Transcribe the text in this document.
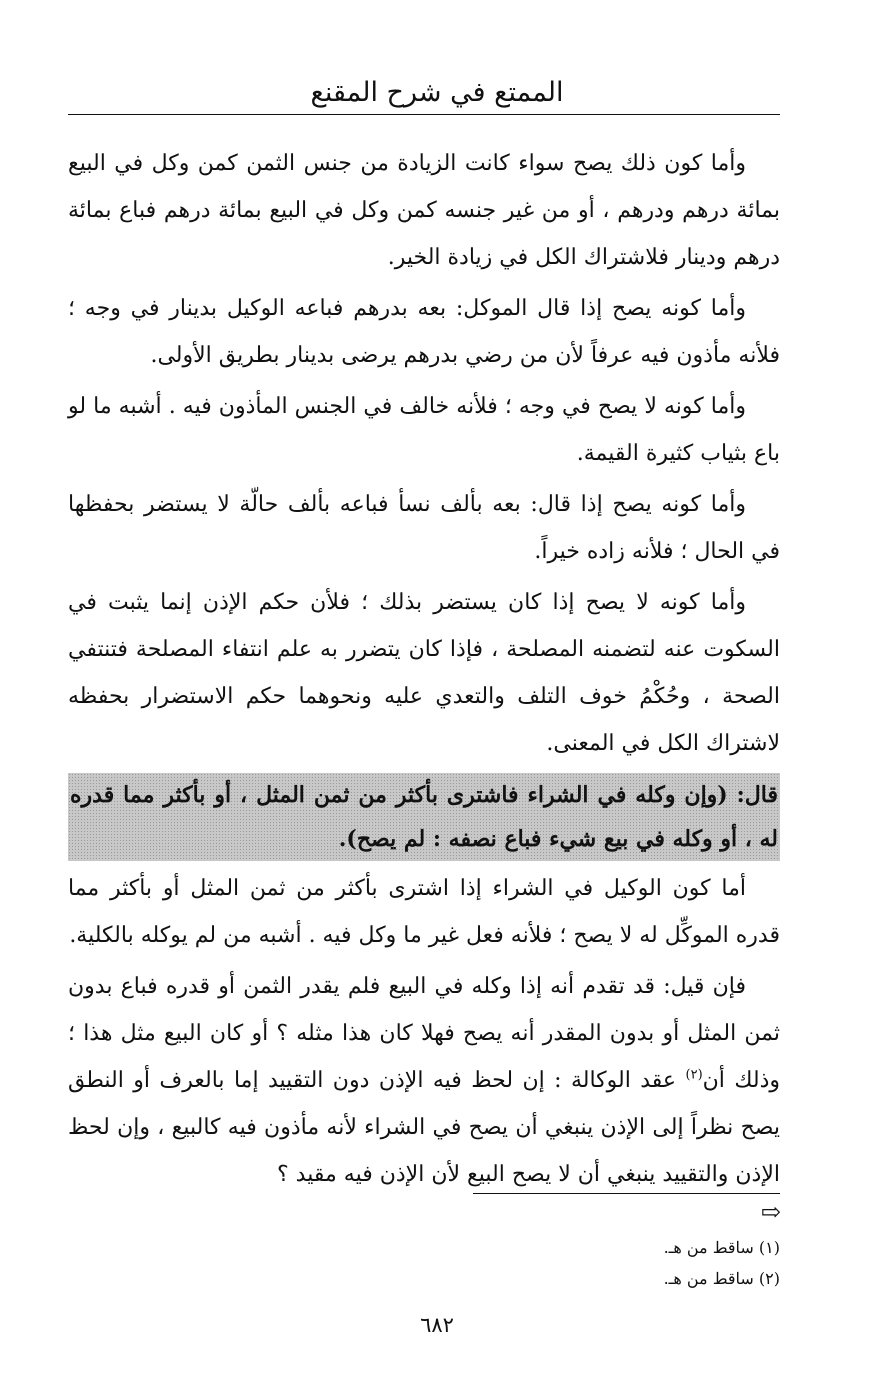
الممتع في شرح المقنع

وأما كون ذلك يصح سواء كانت الزيادة من جنس الثمن كمن وكل في البيع بمائة درهم ودرهم ، أو من غير جنسه كمن وكل في البيع بمائة درهم فباع بمائة درهم ودينار فلاشتراك الكل في زيادة الخير.

وأما كونه يصح إذا قال الموكل: بعه بدرهم فباعه الوكيل بدينار في وجه ؛ فلأنه مأذون فيه عرفاً لأن من رضي بدرهم يرضى بدينار بطريق الأولى.

وأما كونه لا يصح في وجه ؛ فلأنه خالف في الجنس المأذون فيه . أشبه ما لو باع بثياب كثيرة القيمة.

وأما كونه يصح إذا قال: بعه بألف نسأ فباعه بألف حالّة لا يستضر بحفظها في الحال ؛ فلأنه زاده خيراً.

وأما كونه لا يصح إذا كان يستضر بذلك ؛ فلأن حكم الإذن إنما يثبت في السكوت عنه لتضمنه المصلحة ، فإذا كان يتضرر به علم انتفاء المصلحة فتنتفي الصحة ، وحُكْمُ خوف التلف والتعدي عليه ونحوهما حكم الاستضرار بحفظه لاشتراك الكل في المعنى.

قال: (وإن وكله في الشراء فاشترى بأكثر من ثمن المثل ، أو بأكثر مما قدره له ، أو وكله في بيع شيء فباع نصفه : لم يصح).

أما كون الوكيل في الشراء إذا اشترى بأكثر من ثمن المثل أو بأكثر مما قدره الموكِّل له لا يصح ؛ فلأنه فعل غير ما وكل فيه . أشبه من لم يوكله بالكلية.

فإن قيل: قد تقدم أنه إذا وكله في البيع فلم يقدر الثمن أو قدره فباع بدون ثمن المثل أو بدون المقدر أنه يصح فهلا كان هذا مثله ؟ أو كان البيع مثل هذا ؛ وذلك أن$^{(٢)}$ عقد الوكالة : إن لحظ فيه الإذن دون التقييد إما بالعرف أو النطق يصح نظراً إلى الإذن ينبغي أن يصح في الشراء لأنه مأذون فيه كالبيع ، وإن لحظ الإذن والتقييد ينبغي أن لا يصح البيع لأن الإذن فيه مقيد ؟

⇨
(١) ساقط من هـ.
(٢) ساقط من هـ.
٦٨٢
